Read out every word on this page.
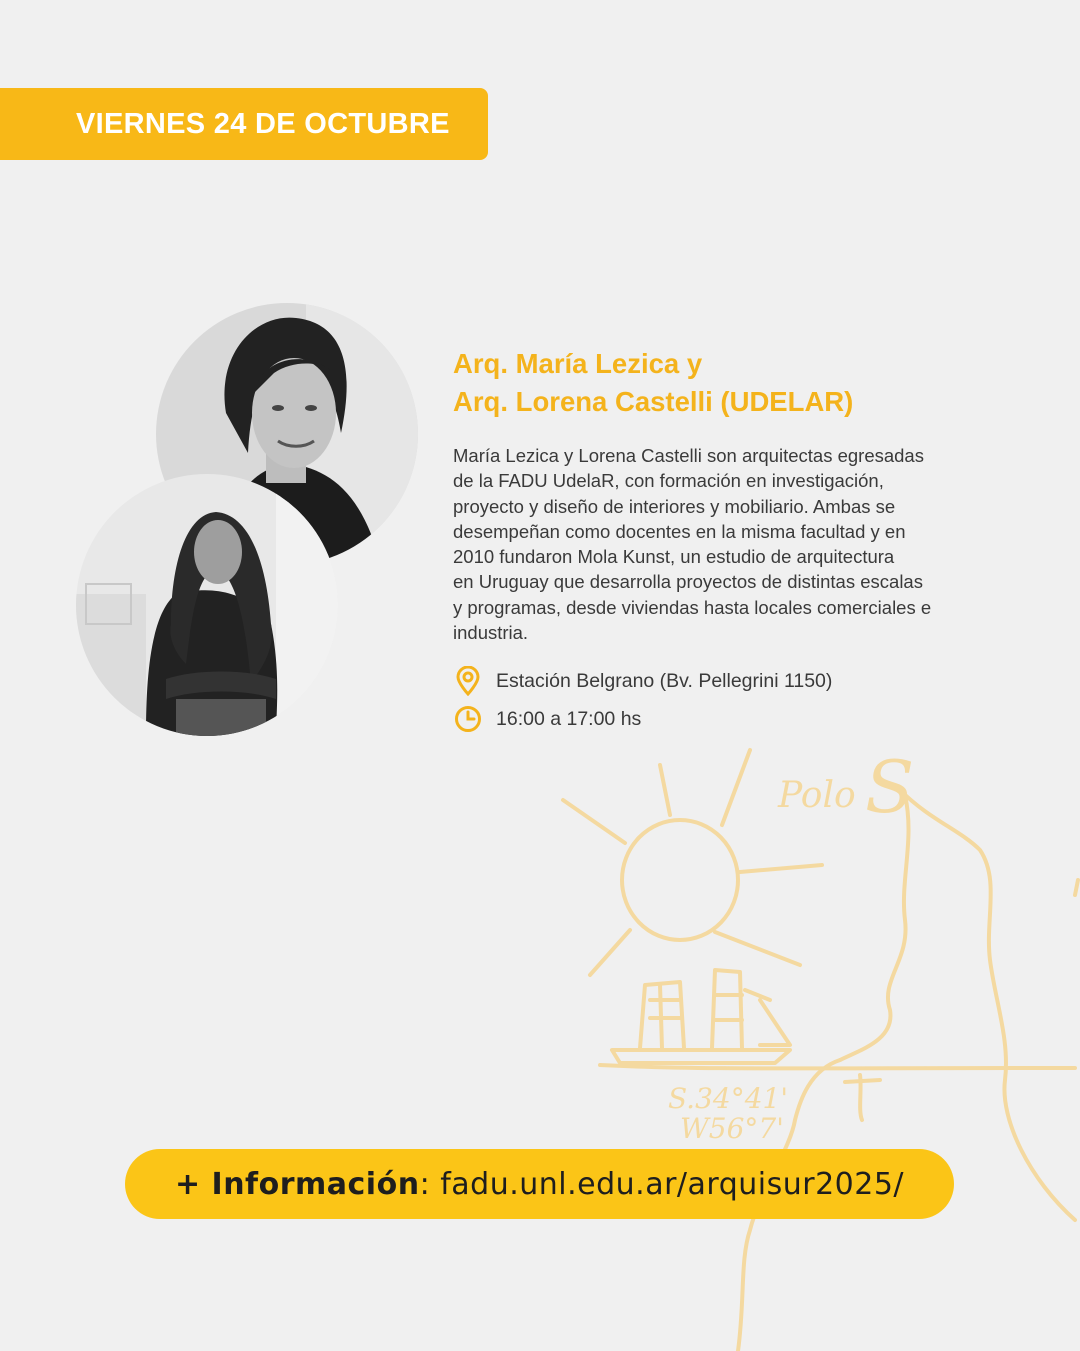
Polo S
S.34°41'
W56°7'
VIERNES 24 DE OCTUBRE
Arq. María Lezica y
Arq. Lorena Castelli (UDELAR)
María Lezica y Lorena Castelli son arquitectas egresadas
de la FADU UdelaR, con formación en investigación,
proyecto y diseño de interiores y mobiliario. Ambas se
desempeñan como docentes en la misma facultad y en
2010 fundaron Mola Kunst, un estudio de arquitectura
en Uruguay que desarrolla proyectos de distintas escalas
y programas, desde viviendas hasta locales comerciales e
industria.
Estación Belgrano (Bv. Pellegrini 1150)
16:00 a 17:00 hs
+ Información : fadu.unl.edu.ar/arquisur2025/
